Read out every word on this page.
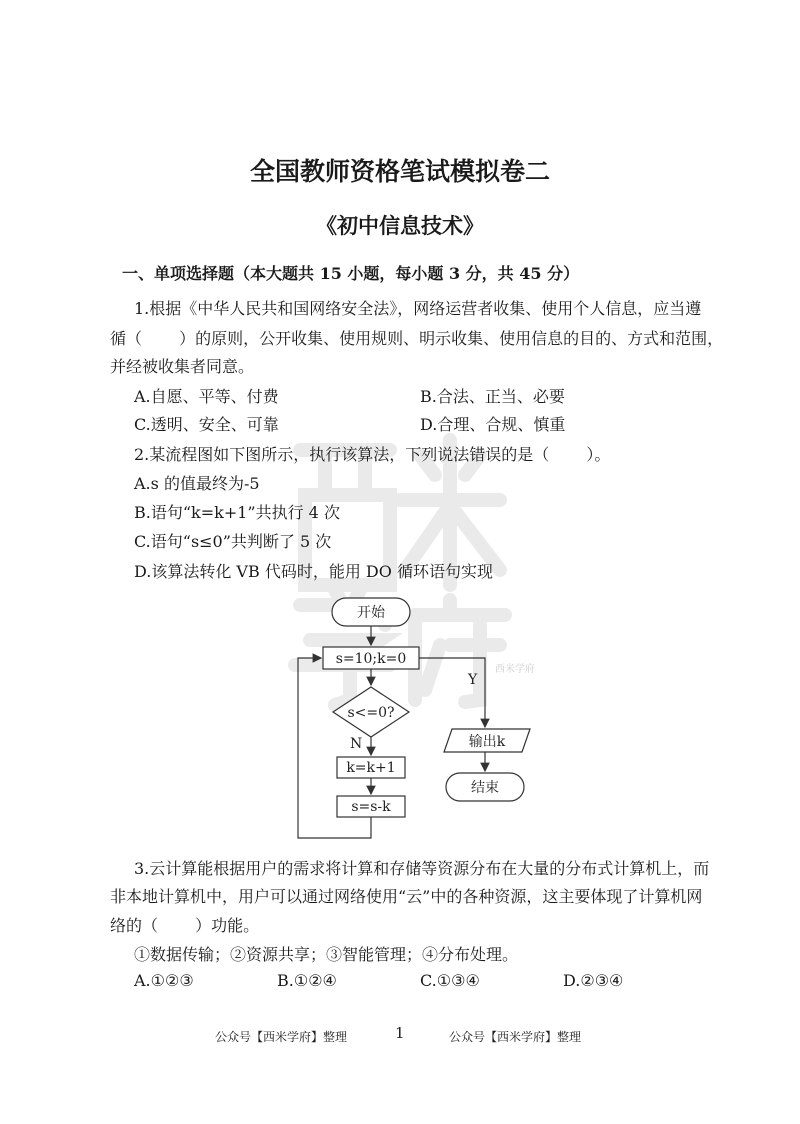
西米学府
全国教师资格笔试模拟卷二
《初中信息技术》
一、单项选择题（本大题共 15 小题，每小题 3 分，共 45 分）
1.根据《中华人民共和国网络安全法》，网络运营者收集、使用个人信息，应当遵
循（　　 ）的原则，公开收集、使用规则、明示收集、使用信息的目的、方式和范围，
并经被收集者同意。
A.自愿、平等、付费	B.合法、正当、必要
C.透明、安全、可靠	D.合理、合规、慎重
2.某流程图如下图所示，执行该算法，下列说法错误的是（　　 ）。
A.s 的值最终为-5
B.语句“k=k+1”共执行 4 次
C.语句“s≤0”共判断了 5 次
D.该算法转化 VB 代码时，能用 DO 循环语句实现
开始
s=10;k=0
s<=0?
Y
输出k
结束
N
k=k+1
s=s-k
3.云计算能根据用户的需求将计算和存储等资源分布在大量的分布式计算机上，而
非本地计算机中，用户可以通过网络使用“云”中的各种资源，这主要体现了计算机网
络的（　　 ）功能。
①数据传输；②资源共享；③智能管理；④分布处理。
A.①②③	B.①②④	C.①③④	D.②③④
公众号【西米学府】整理	1	公众号【西米学府】整理
